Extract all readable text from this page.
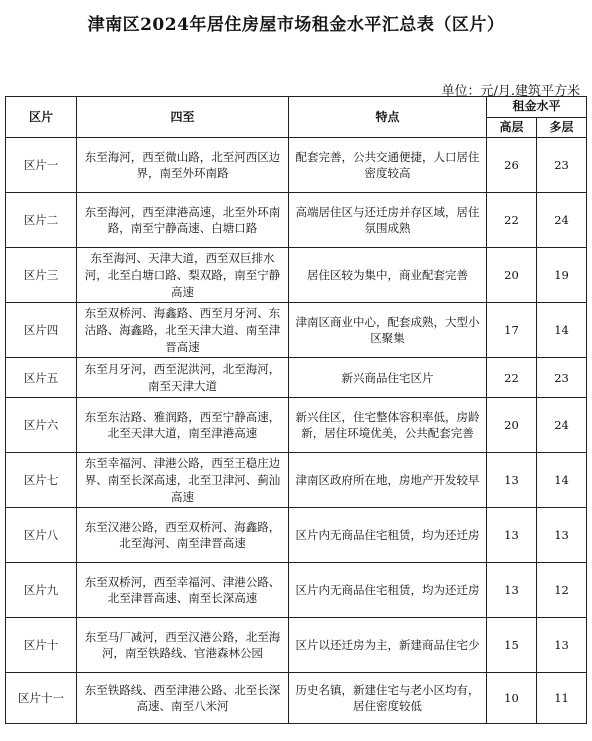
津南区2024年居住房屋市场租金水平汇总表（区片）
单位：元/月.建筑平方米
区片	四至	特点	租金水平	
			高层	多层
区片一	东至海河，西至微山路，北至河西区边界，南至外环南路	配套完善，公共交通便捷，人口居住密度较高	26	23
区片二	东至海河，西至津港高速，北至外环南路，南至宁静高速、白塘口路	高端居住区与还迁房并存区域，居住氛围成熟	22	24
区片三	东至海河、天津大道，西至双巨排水河，北至白塘口路、梨双路，南至宁静高速	居住区较为集中，商业配套完善	20	19
区片四	东至双桥河、海鑫路、西至月牙河、东沽路、海鑫路，北至天津大道、南至津晋高速	津南区商业中心，配套成熟，大型小区聚集	17	14
区片五	东至月牙河，西至泥洪河，北至海河，南至天津大道	新兴商品住宅区片	22	23
区片六	东至东沽路、雅润路，西至宁静高速，北至天津大道，南至津港高速	新兴住区，住宅整体容积率低，房龄新，居住环境优美，公共配套完善	20	24
区片七	东至幸福河、津港公路，西至王稳庄边界、南至长深高速，北至卫津河、蓟汕高速	津南区政府所在地，房地产开发较早	13	14
区片八	东至汉港公路，西至双桥河、海鑫路，北至海河、南至津晋高速	区片内无商品住宅租赁，均为还迁房	13	13
区片九	东至双桥河，西至幸福河、津港公路、北至津晋高速、南至长深高速	区片内无商品住宅租赁，均为还迁房	13	12
区片十	东至马厂减河，西至汉港公路，北至海河，南至铁路线、官港森林公园	区片以还迁房为主，新建商品住宅少	15	13
区片十一	东至铁路线、西至津港公路、北至长深高速、南至八米河	历史名镇，新建住宅与老小区均有，居住密度较低	10	11
